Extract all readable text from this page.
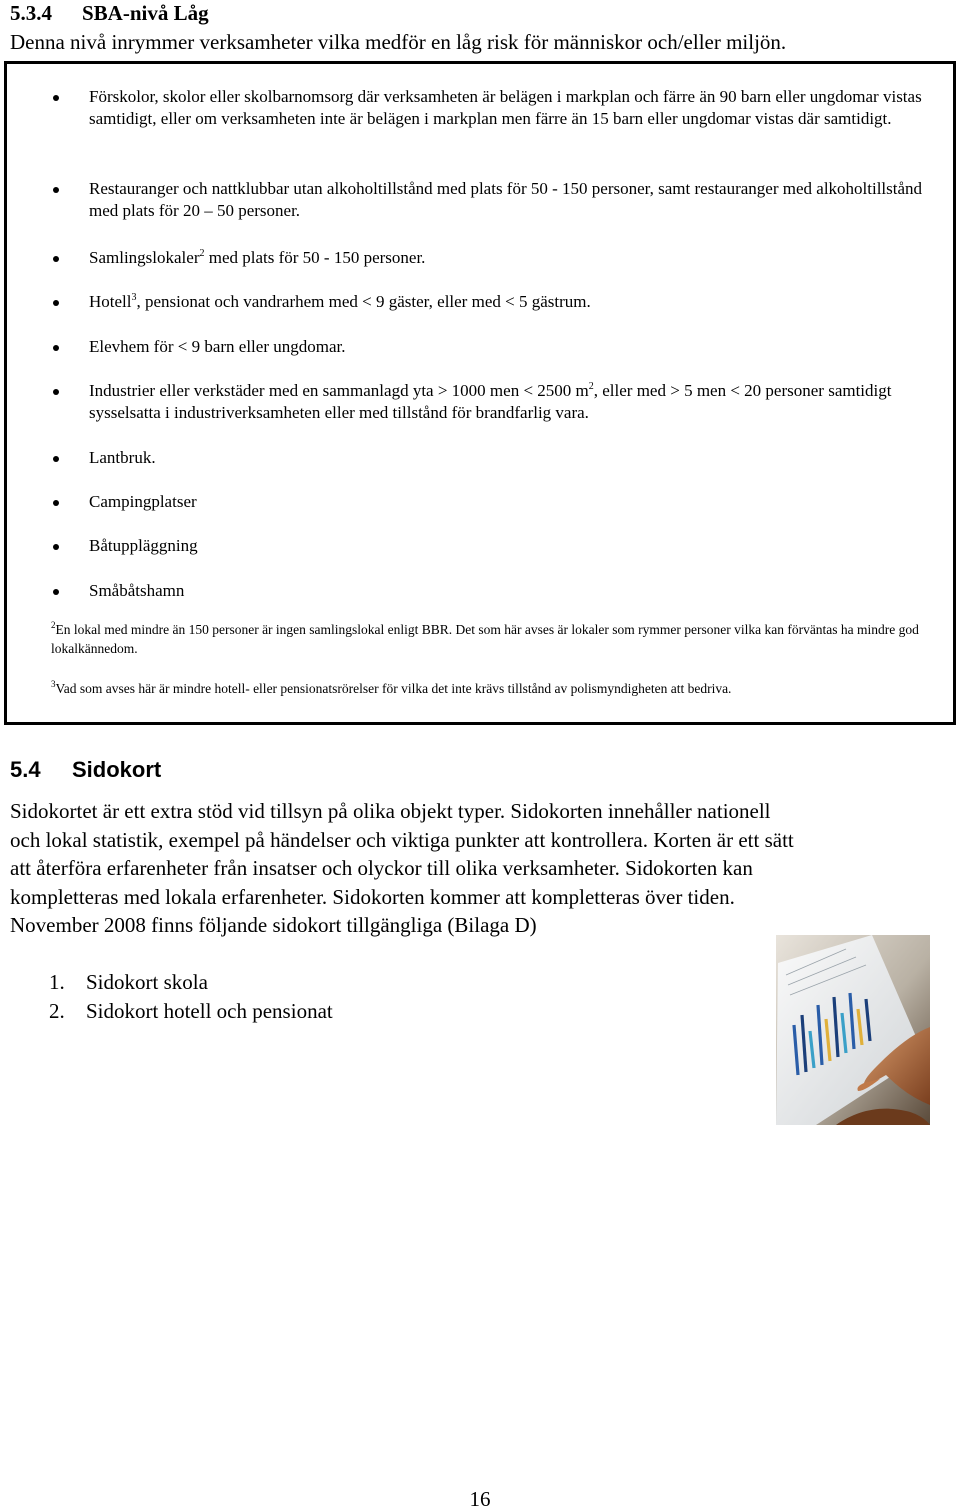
5.3.4 SBA-nivå Låg
Denna nivå inrymmer verksamheter vilka medför en låg risk för människor och/eller miljön.
Förskolor, skolor eller skolbarnomsorg där verksamheten är belägen i markplan och färre än 90 barn eller ungdomar vistas samtidigt, eller om verksamheten inte är belägen i markplan men färre än 15 barn eller ungdomar vistas där samtidigt.
Restauranger och nattklubbar utan alkoholtillstånd med plats för 50 - 150 personer, samt restauranger med alkoholtillstånd med plats för 20 – 50 personer.
Samlingslokaler$^2$ med plats för 50 - 150 personer.
Hotell$^3$, pensionat och vandrarhem med < 9 gäster, eller med < 5 gästrum.
Elevhem för < 9 barn eller ungdomar.
Industrier eller verkstäder med en sammanlagd yta > 1000 men < 2500 $m^2$, eller med > 5 men < 20 personer samtidigt sysselsatta i industriverksamheten eller med tillstånd för brandfarlig vara.
Lantbruk.
Campingplatser
Båtuppläggning
Småbåtshamn
$^2$En lokal med mindre än 150 personer är ingen samlingslokal enligt BBR. Det som här avses är lokaler som rymmer personer vilka kan förväntas ha mindre god lokalkännedom.
$^3$Vad som avses här är mindre hotell- eller pensionatsrörelser för vilka det inte krävs tillstånd av polismyndigheten att bedriva.
5.4 Sidokort

Sidokortet är ett extra stöd vid tillsyn på olika objekt typer. Sidokorten innehåller nationell
och lokal statistik, exempel på händelser och viktiga punkter att kontrollera. Korten är ett sätt
att återföra erfarenheter från insatser och olyckor till olika verksamheter. Sidokorten kan
kompletteras med lokala erfarenheter. Sidokorten kommer att kompletteras över tiden.
November 2008 finns följande sidokort tillgängliga (Bilaga D)

1. Sidokort skola
2. Sidokort hotell och pensionat
16
